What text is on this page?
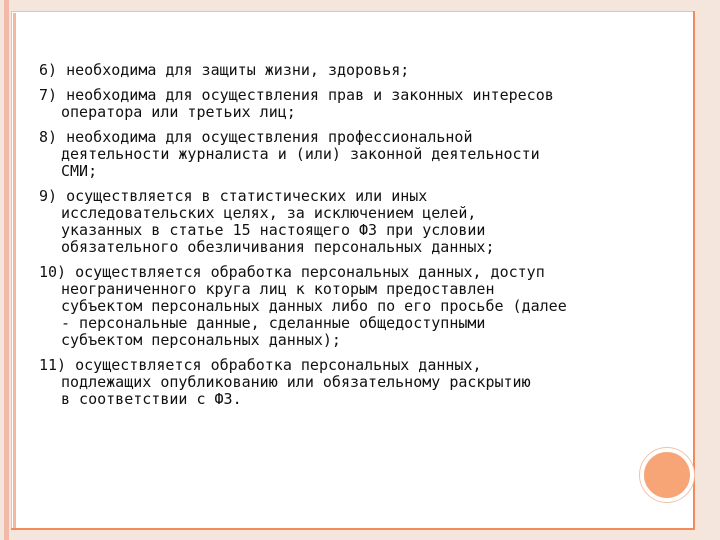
6) необходима для защиты жизни, здоровья;
7) необходима для осуществления прав и законных интересов
оператора или третьих лиц;
8) необходима для осуществления профессиональной
деятельности журналиста и (или) законной деятельности
СМИ;
9) осуществляется в статистических или иных
исследовательских целях, за исключением целей,
указанных в статье 15 настоящего ФЗ при условии
обязательного обезличивания персональных данных;
10) осуществляется обработка персональных данных, доступ
неограниченного круга лиц к которым предоставлен
субъектом персональных данных либо по его просьбе (далее
- персональные данные, сделанные общедоступными
субъектом персональных данных);
11) осуществляется обработка персональных данных,
подлежащих опубликованию или обязательному раскрытию
в соответствии с ФЗ.
